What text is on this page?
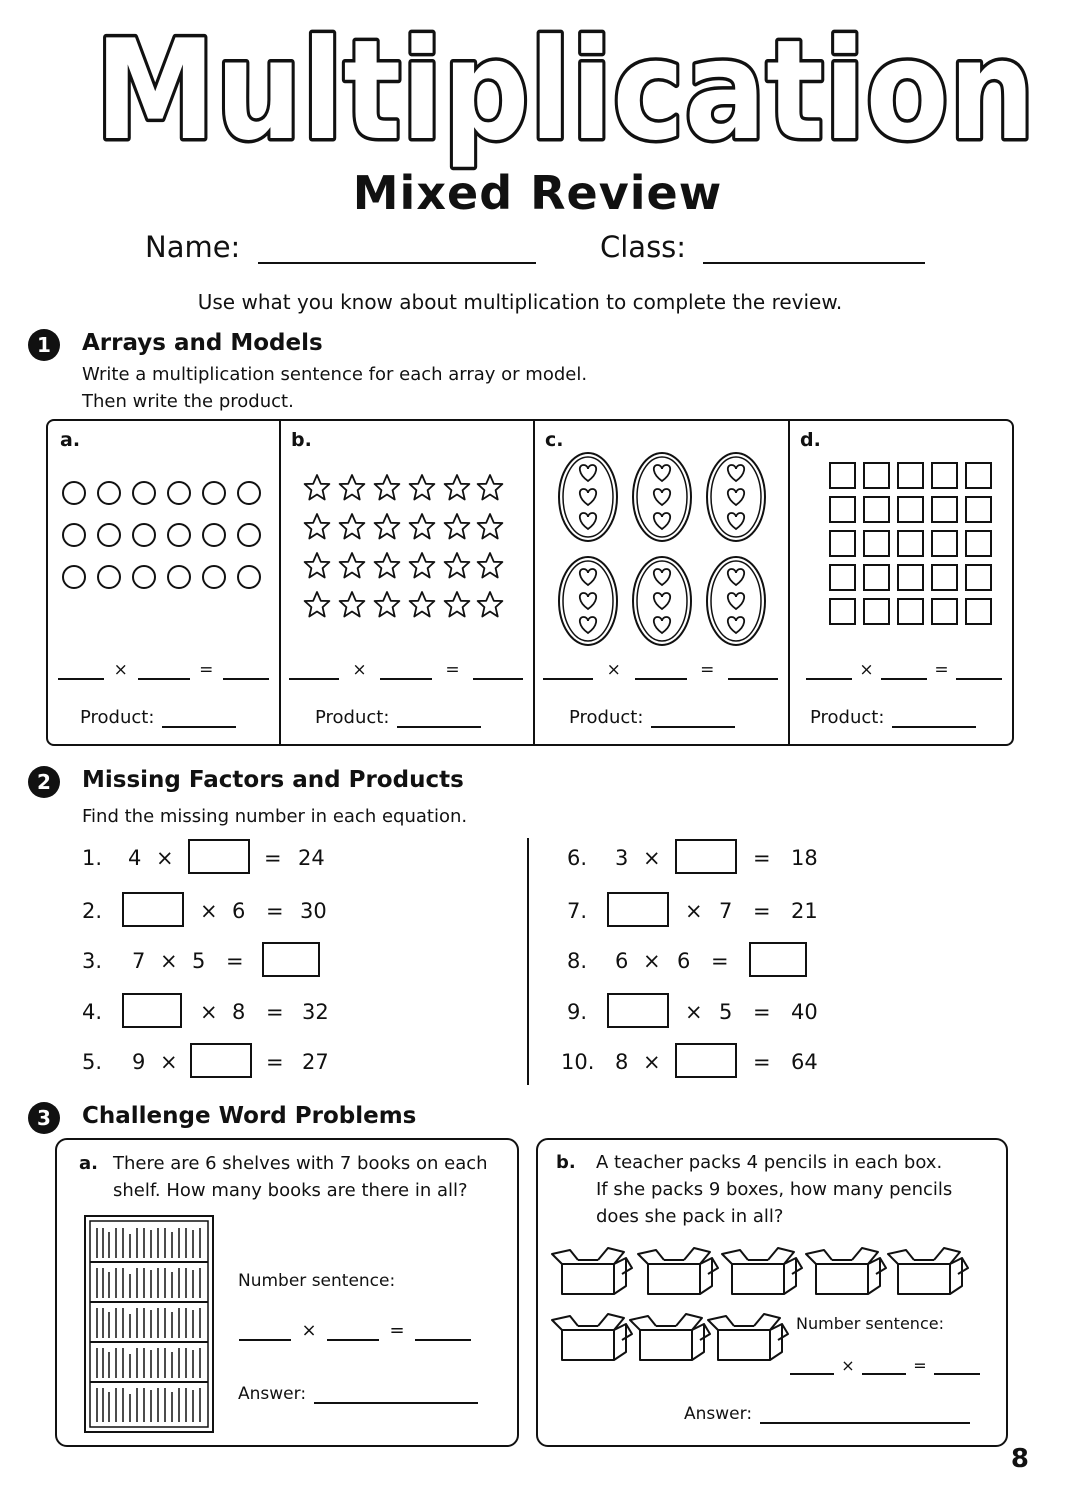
Multiplication
Mixed Review
Name:	Class:
Use what you know about multiplication to complete the review.
1	Arrays and Models
Write a multiplication sentence for each array or model.
Then write the product.
a.
×	=
Product:
b.
×	=
Product:
c.
×	=
Product:
d.
×	=
Product:
2	Missing Factors and Products
Find the missing number in each equation.
1. 4 ×	= 24
2.	× 6 = 30
3. 7 × 5 =
4.	× 8 = 32
5. 9 ×	= 27
6. 3 ×	= 18
7.	× 7 = 21
8. 6 × 6 =
9.	× 5 = 40
10. 8 ×	= 64
3	Challenge Word Problems
a. There are 6 shelves with 7 books on each
shelf. How many books are there in all?
Number sentence:
×	=
Answer:
b. A teacher packs 4 pencils in each box.
If she packs 9 boxes, how many pencils
does she pack in all?
Number sentence:
×	=
Answer:
8
